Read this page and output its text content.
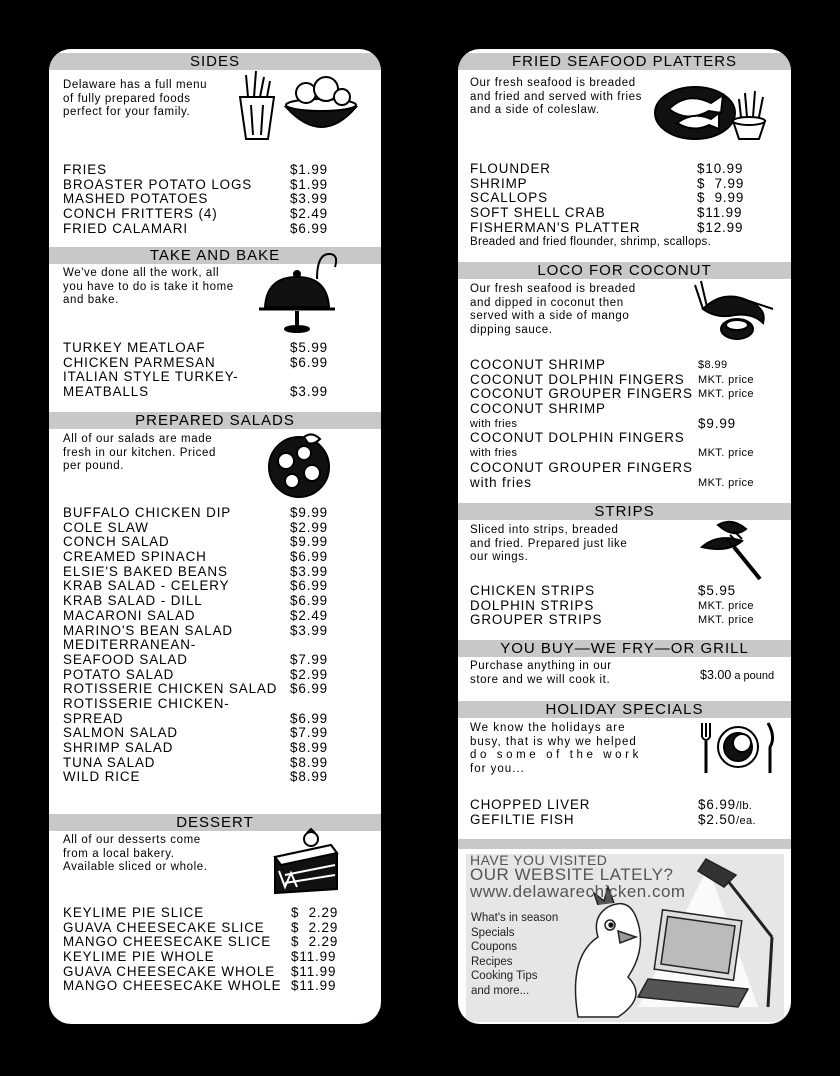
SIDES
Delaware has a full menu
of fully prepared foods
perfect for your family.
FRIES	$1.99
BROASTER POTATO LOGS	$1.99
MASHED POTATOES	$3.99
CONCH FRITTERS (4)	$2.49
FRIED CALAMARI	$6.99
TAKE AND BAKE
We've done all the work, all
you have to do is take it home
and bake.
TURKEY MEATLOAF	$5.99
CHICKEN PARMESAN	$6.99
ITALIAN STYLE TURKEY-
MEATBALLS	$3.99
PREPARED SALADS
All of our salads are made
fresh in our kitchen. Priced
per pound.
BUFFALO CHICKEN DIP	$9.99
COLE SLAW	$2.99
CONCH SALAD	$9.99
CREAMED SPINACH	$6.99
ELSIE'S BAKED BEANS	$3.99
KRAB SALAD - CELERY	$6.99
KRAB SALAD - DILL	$6.99
MACARONI SALAD	$2.49
MARINO'S BEAN SALAD	$3.99
MEDITERRANEAN-
SEAFOOD SALAD	$7.99
POTATO SALAD	$2.99
ROTISSERIE CHICKEN SALAD $6.99
ROTISSERIE CHICKEN-
SPREAD	$6.99
SALMON SALAD	$7.99
SHRIMP SALAD	$8.99
TUNA SALAD	$8.99
WILD RICE	$8.99
DESSERT
All of our desserts come
from a local bakery.
Available sliced or whole.
KEYLIME PIE SLICE	$  2.29
GUAVA CHEESECAKE SLICE $  2.29
MANGO CHEESECAKE SLICE $  2.29
KEYLIME PIE WHOLE	$11.99
GUAVA CHEESECAKE WHOLE $11.99
MANGO CHEESECAKE WHOLE $11.99
FRIED SEAFOOD PLATTERS
Our fresh seafood is breaded
and fried and served with fries
and a side of coleslaw.
FLOUNDER	$10.99
SHRIMP	$  7.99
SCALLOPS	$  9.99
SOFT SHELL CRAB	$11.99
FISHERMAN'S PLATTER	$12.99
Breaded and fried flounder, shrimp, scallops.
LOCO FOR COCONUT
Our fresh seafood is breaded
and dipped in coconut then
served with a side of mango
dipping sauce.
COCONUT SHRIMP	$8.99
COCONUT DOLPHIN FINGERS MKT. price
COCONUT GROUPER FINGERS MKT. price
COCONUT SHRIMP
with fries	$9.99
COCONUT DOLPHIN FINGERS
with fries	MKT. price
COCONUT GROUPER FINGERS
with fries	MKT. price
STRIPS
Sliced into strips, breaded
and fried. Prepared just like
our wings.
CHICKEN STRIPS	$5.95
DOLPHIN STRIPS	MKT. price
GROUPER STRIPS	MKT. price
YOU BUY—WE FRY—OR GRILL
Purchase anything in our
store and we will cook it.	$3.00 a pound
HOLIDAY SPECIALS
We know the holidays are
busy, that is why we helped
do some of the work
for you...
CHOPPED LIVER	$6.99/lb.
GEFILTIE FISH	$2.50/ea.
HAVE YOU VISITED
OUR WEBSITE LATELY?
www.delawarechicken.com
What's in season
Specials
Coupons
Recipes
Cooking Tips
and more...
